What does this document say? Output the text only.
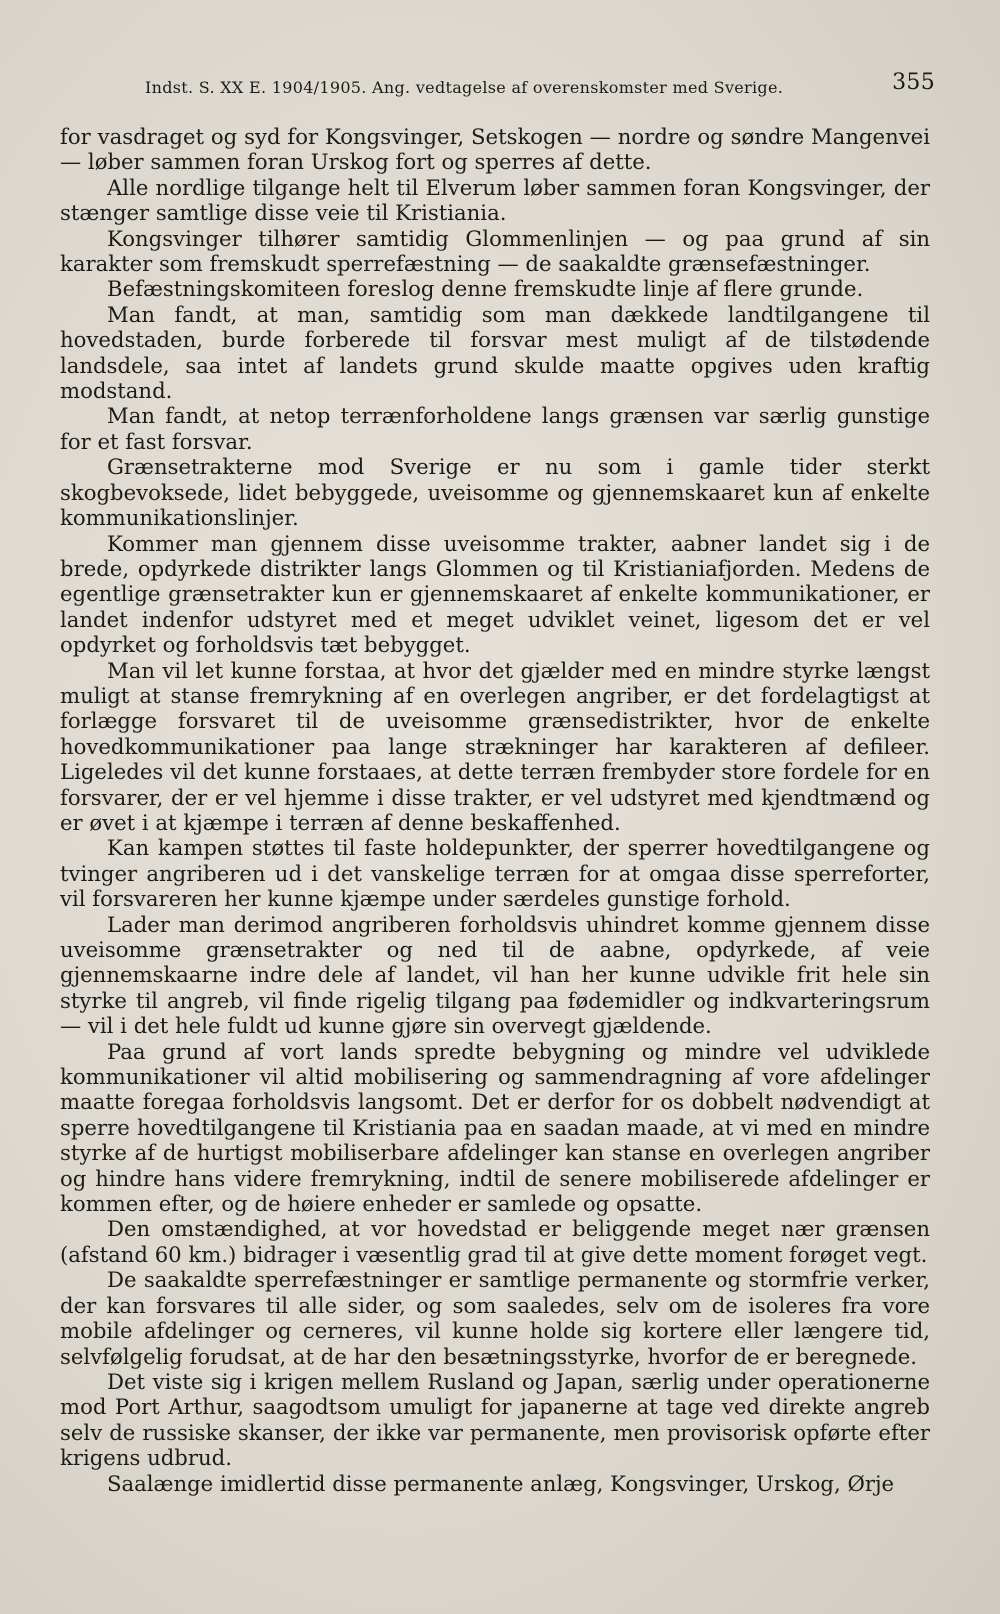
Indst. S. XX E. 1904/1905. Ang. vedtagelse af overenskomster med Sverige.	355

for vasdraget og syd for Kongsvinger, Setskogen — nordre og søndre Mangenvei — løber sammen foran Urskog fort og sperres af dette.

Alle nordlige tilgange helt til Elverum løber sammen foran Kongsvinger, der stænger samtlige disse veie til Kristiania.

Kongsvinger tilhører samtidig Glommenlinjen — og paa grund af sin karakter som fremskudt sperrefæstning — de saakaldte grænsefæstninger.

Befæstningskomiteen foreslog denne fremskudte linje af flere grunde.

Man fandt, at man, samtidig som man dækkede landtilgangene til hovedstaden, burde forberede til forsvar mest muligt af de tilstødende landsdele, saa intet af landets grund skulde maatte opgives uden kraftig modstand.

Man fandt, at netop terrænforholdene langs grænsen var særlig gunstige for et fast forsvar.

Grænsetrakterne mod Sverige er nu som i gamle tider sterkt skogbevoksede, lidet bebyggede, uveisomme og gjennemskaaret kun af enkelte kommunikationslinjer.

Kommer man gjennem disse uveisomme trakter, aabner landet sig i de brede, opdyrkede distrikter langs Glommen og til Kristianiafjorden. Medens de egentlige grænsetrakter kun er gjennemskaaret af enkelte kommunikationer, er landet indenfor udstyret med et meget udviklet veinet, ligesom det er vel opdyrket og forholdsvis tæt bebygget.

Man vil let kunne forstaa, at hvor det gjælder med en mindre styrke længst muligt at stanse fremrykning af en overlegen angriber, er det fordelagtigst at forlægge forsvaret til de uveisomme grænsedistrikter, hvor de enkelte hovedkommunikationer paa lange strækninger har karakteren af defileer. Ligeledes vil det kunne forstaaes, at dette terræn frembyder store fordele for en forsvarer, der er vel hjemme i disse trakter, er vel udstyret med kjendtmænd og er øvet i at kjæmpe i terræn af denne beskaffenhed.

Kan kampen støttes til faste holdepunkter, der sperrer hovedtilgangene og tvinger angriberen ud i det vanskelige terræn for at omgaa disse sperreforter, vil forsvareren her kunne kjæmpe under særdeles gunstige forhold.

Lader man derimod angriberen forholdsvis uhindret komme gjennem disse uveisomme grænsetrakter og ned til de aabne, opdyrkede, af veie gjennemskaarne indre dele af landet, vil han her kunne udvikle frit hele sin styrke til angreb, vil finde rigelig tilgang paa fødemidler og indkvarteringsrum — vil i det hele fuldt ud kunne gjøre sin overvegt gjældende.

Paa grund af vort lands spredte bebygning og mindre vel udviklede kommunikationer vil altid mobilisering og sammendragning af vore afdelinger maatte foregaa forholdsvis langsomt. Det er derfor for os dobbelt nødvendigt at sperre hovedtilgangene til Kristiania paa en saadan maade, at vi med en mindre styrke af de hurtigst mobiliserbare afdelinger kan stanse en overlegen angriber og hindre hans videre fremrykning, indtil de senere mobiliserede afdelinger er kommen efter, og de høiere enheder er samlede og opsatte.

Den omstændighed, at vor hovedstad er beliggende meget nær grænsen (afstand 60 km.) bidrager i væsentlig grad til at give dette moment forøget vegt.

De saakaldte sperrefæstninger er samtlige permanente og stormfrie verker, der kan forsvares til alle sider, og som saaledes, selv om de isoleres fra vore mobile afdelinger og cerneres, vil kunne holde sig kortere eller længere tid, selvfølgelig forudsat, at de har den besætningsstyrke, hvorfor de er beregnede.

Det viste sig i krigen mellem Rusland og Japan, særlig under operationerne mod Port Arthur, saagodtsom umuligt for japanerne at tage ved direkte angreb selv de russiske skanser, der ikke var permanente, men provisorisk opførte efter krigens udbrud.

Saalænge imidlertid disse permanente anlæg, Kongsvinger, Urskog, Ørje
